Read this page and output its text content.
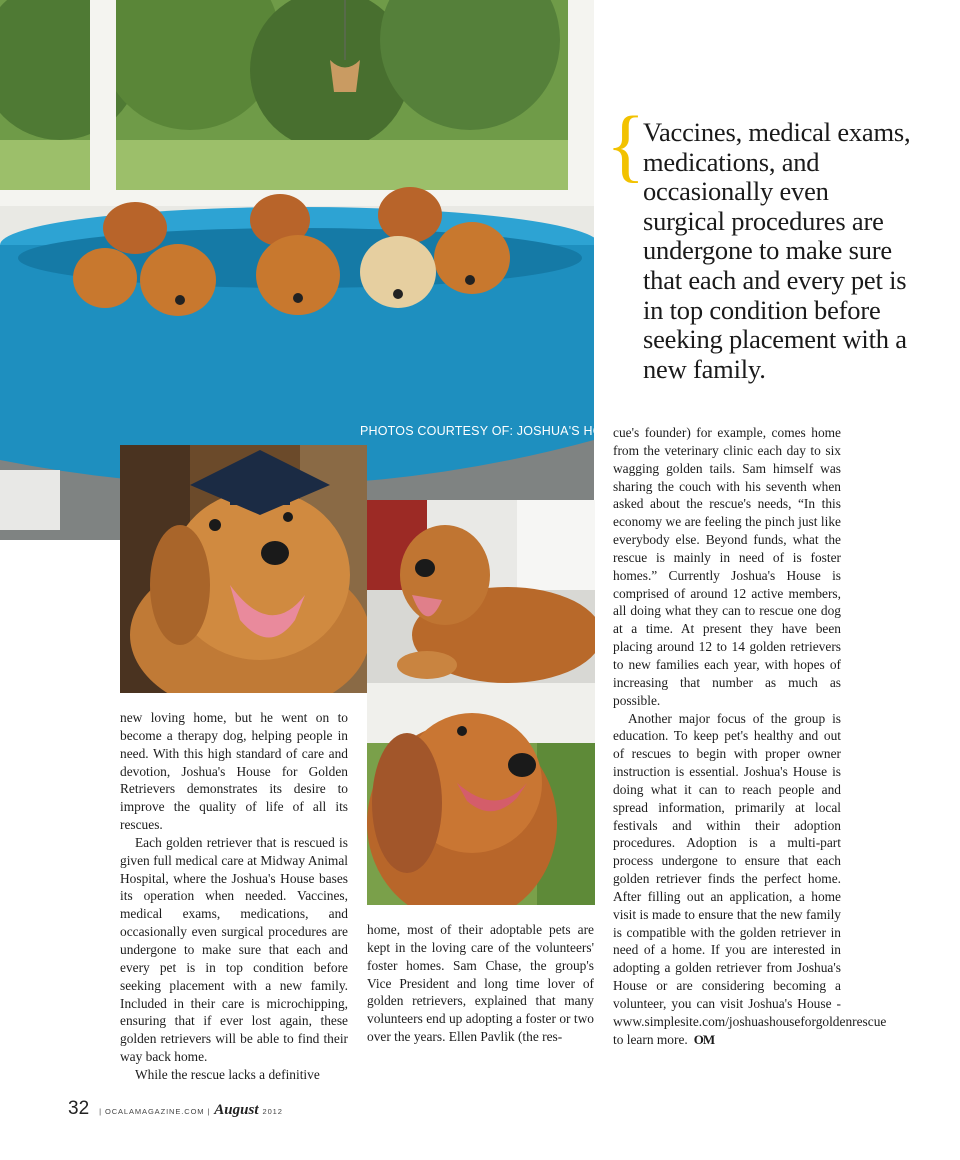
PHOTOS COURTESY OF: JOSHUA'S HOUSE
{
Vaccines, medical exams, medications, and occasionally even surgical procedures are undergone to make sure that each and every pet is in top condition before seeking placement with a new family.

new loving home, but he went on to become a therapy dog, helping people in need. With this high standard of care and devotion, Joshua's House for Golden Retrievers demonstrates its desire to improve the quality of life of all its rescues.

Each golden retriever that is rescued is given full medical care at Midway Animal Hospital, where the Joshua's House bases its operation when needed. Vaccines, medical exams, medications, and occasionally even surgical procedures are undergone to make sure that each and every pet is in top condition before seeking placement with a new family. Included in their care is microchipping, ensuring that if ever lost again, these golden retrievers will be able to find their way back home.

While the rescue lacks a definitive

home, most of their adoptable pets are kept in the loving care of the volunteers' foster homes. Sam Chase, the group's Vice President and long time lover of golden retrievers, explained that many volunteers end up adopting a foster or two over the years. Ellen Pavlik (the res-

cue's founder) for example, comes home from the veterinary clinic each day to six wagging golden tails. Sam himself was sharing the couch with his seventh when asked about the rescue's needs, “In this economy we are feeling the pinch just like everybody else. Beyond funds, what the rescue is mainly in need of is foster homes.” Currently Joshua's House is comprised of around 12 active members, all doing what they can to rescue one dog at a time. At present they have been placing around 12 to 14 golden retrievers to new families each year, with hopes of increasing that number as much as possible.

Another major focus of the group is education. To keep pet's healthy and out of rescues to begin with proper owner instruction is essential. Joshua's House is doing what it can to reach people and spread information, primarily at local festivals and within their adoption procedures. Adoption is a multi-part process undergone to ensure that each golden retriever finds the perfect home. After filling out an application, a home visit is made to ensure that the new family is compatible with the golden retriever in need of a home. If you are interested in adopting a golden retriever from Joshua's House or are considering becoming a volunteer, you can visit Joshua's House - www.simplesite.com/joshuashouseforgoldenrescue to learn more. OM

32 | OCALAMAGAZINE.COM | August 2012
